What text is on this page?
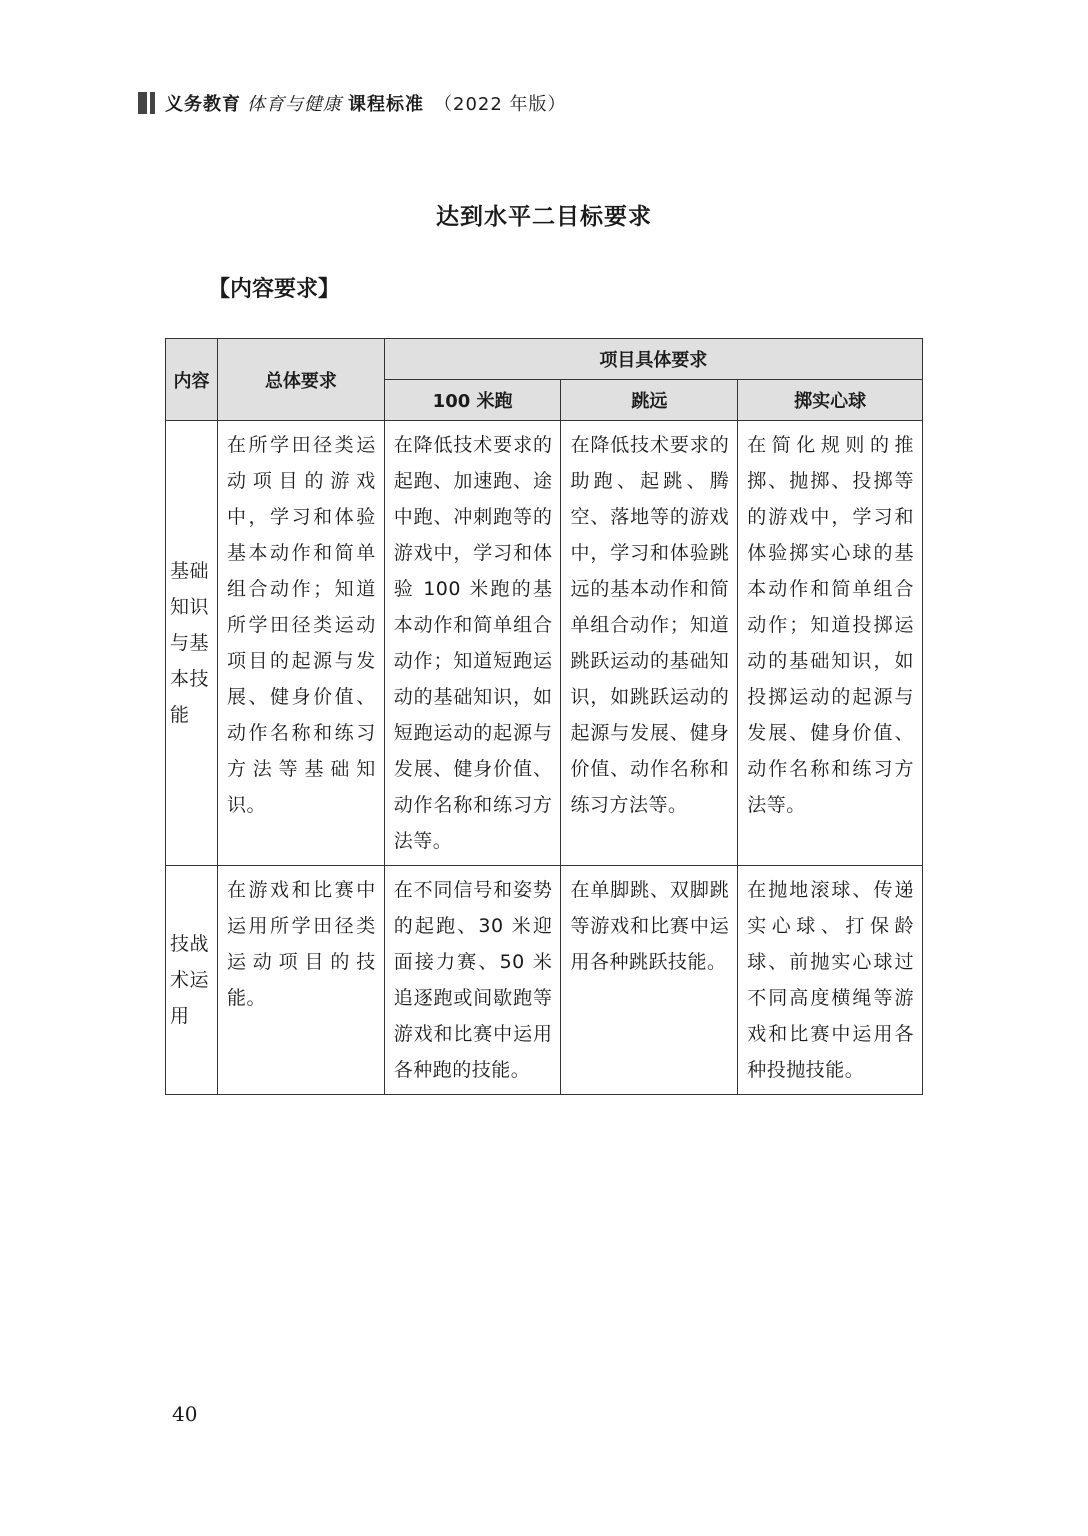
义务教育 体育与健康 课程标准 （2022 年版）
达到水平二目标要求
【内容要求】
内容	总体要求	项目具体要求		
		100 米跑	跳远	掷实心球
基础知识与基本技能	在所学田径类运动项目的游戏中，学习和体验基本动作和简单组合动作；知道所学田径类运动项目的起源与发展、健身价值、动作名称和练习方法等基础知识。	在降低技术要求的起跑、加速跑、途中跑、冲刺跑等的游戏中，学习和体验 100 米跑的基本动作和简单组合动作；知道短跑运动的基础知识，如短跑运动的起源与发展、健身价值、动作名称和练习方法等。	在降低技术要求的助跑、起跳、腾空、落地等的游戏中，学习和体验跳远的基本动作和简单组合动作；知道跳跃运动的基础知识，如跳跃运动的起源与发展、健身价值、动作名称和练习方法等。	在简化规则的推掷、抛掷、投掷等的游戏中，学习和体验掷实心球的基本动作和简单组合动作；知道投掷运动的基础知识，如投掷运动的起源与发展、健身价值、动作名称和练习方法等。
技战术运用	在游戏和比赛中运用所学田径类运动项目的技能。	在不同信号和姿势的起跑、30 米迎面接力赛、50 米追逐跑或间歇跑等游戏和比赛中运用各种跑的技能。	在单脚跳、双脚跳等游戏和比赛中运用各种跳跃技能。	在抛地滚球、传递实心球、打保龄球、前抛实心球过不同高度横绳等游戏和比赛中运用各种投抛技能。
40
